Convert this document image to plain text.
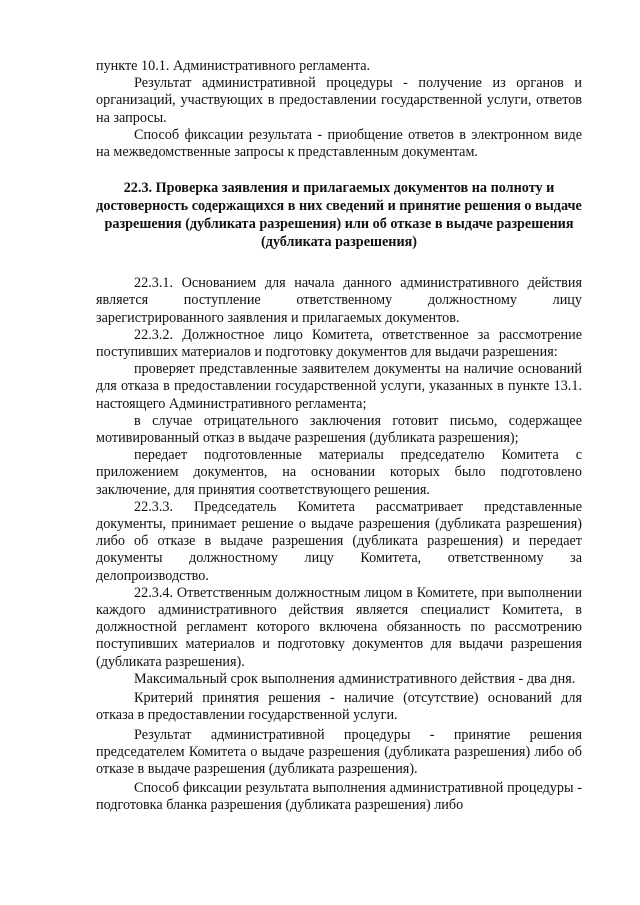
пункте 10.1. Административного регламента.

Результат административной процедуры - получение из органов и организаций, участвующих в предоставлении государственной услуги, ответов на запросы.

Способ фиксации результата - приобщение ответов в электронном виде на межведомственные запросы к представленным документам.

22.3. Проверка заявления и прилагаемых документов на полноту и достоверность содержащихся в них сведений и принятие решения о выдаче разрешения (дубликата разрешения) или об отказе в выдаче разрешения (дубликата разрешения)

22.3.1. Основанием для начала данного административного действия является поступление ответственному должностному лицу зарегистрированного заявления и прилагаемых документов.

22.3.2. Должностное лицо Комитета, ответственное за рассмотрение поступивших материалов и подготовку документов для выдачи разрешения:

проверяет представленные заявителем документы на наличие оснований для отказа в предоставлении государственной услуги, указанных в пункте 13.1. настоящего Административного регламента;

в случае отрицательного заключения готовит письмо, содержащее мотивированный отказ в выдаче разрешения (дубликата разрешения);

передает подготовленные материалы председателю Комитета с приложением документов, на основании которых было подготовлено заключение, для принятия соответствующего решения.

22.3.3. Председатель Комитета рассматривает представленные документы, принимает решение о выдаче разрешения (дубликата разрешения) либо об отказе в выдаче разрешения (дубликата разрешения) и передает документы должностному лицу Комитета, ответственному за делопроизводство.

22.3.4. Ответственным должностным лицом в Комитете, при выполнении каждого административного действия является специалист Комитета, в должностной регламент которого включена обязанность по рассмотрению поступивших материалов и подготовку документов для выдачи разрешения (дубликата разрешения).

Максимальный срок выполнения административного действия - два дня.

Критерий принятия решения - наличие (отсутствие) оснований для отказа в предоставлении государственной услуги.

Результат административной процедуры - принятие решения председателем Комитета о выдаче разрешения (дубликата разрешения) либо об отказе в выдаче разрешения (дубликата разрешения).

Способ фиксации результата выполнения административной процедуры - подготовка бланка разрешения (дубликата разрешения) либо
